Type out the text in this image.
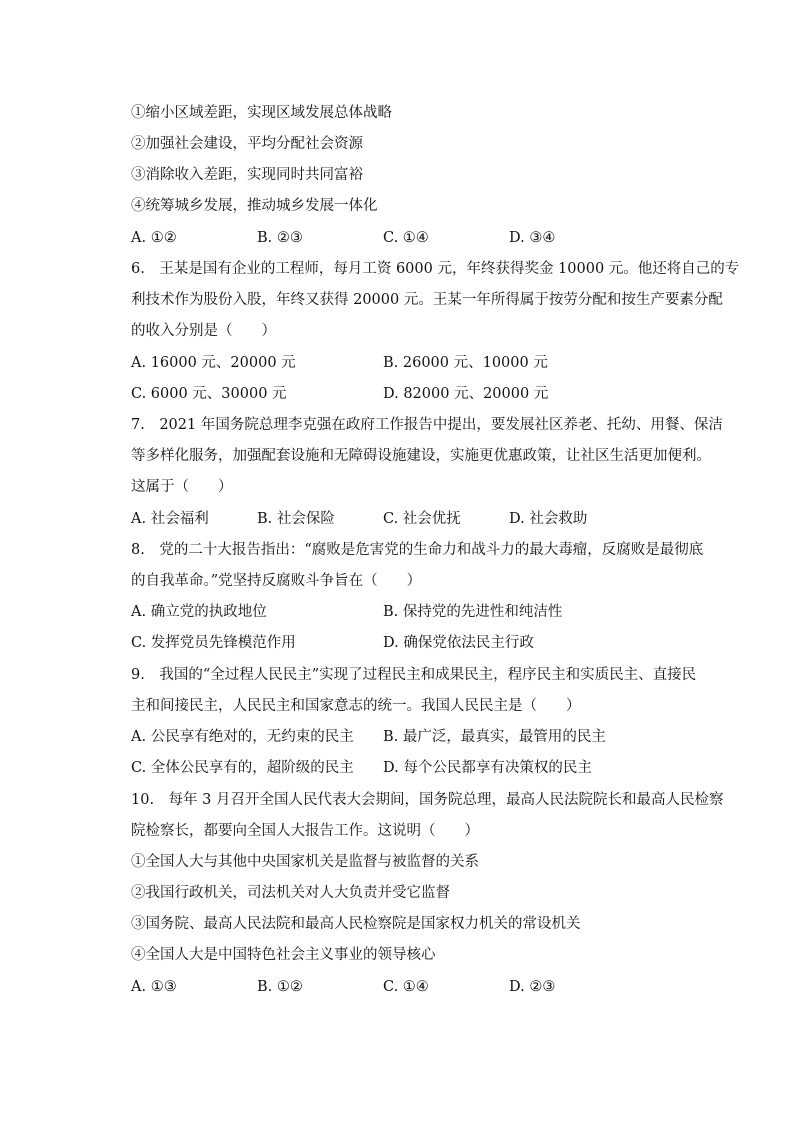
①缩小区域差距，实现区域发展总体战略
②加强社会建设，平均分配社会资源
③消除收入差距，实现同时共同富裕
④统筹城乡发展，推动城乡发展一体化
A. ①②	B. ②③	C. ①④	D. ③④
6.　王某是国有企业的工程师，每月工资 6000 元，年终获得奖金 10000 元。他还将自己的专
利技术作为股份入股，年终又获得 20000 元。王某一年所得属于按劳分配和按生产要素分配
的收入分别是（　　）
A. 16000 元、20000 元	B. 26000 元、10000 元
C. 6000 元、30000 元	D. 82000 元、20000 元
7.　2021 年国务院总理李克强在政府工作报告中提出，要发展社区养老、托幼、用餐、保洁
等多样化服务，加强配套设施和无障碍设施建设，实施更优惠政策，让社区生活更加便利。
这属于（　　）
A. 社会福利	B. 社会保险	C. 社会优抚	D. 社会救助
8.　党的二十大报告指出：“腐败是危害党的生命力和战斗力的最大毒瘤，反腐败是最彻底
的自我革命。”党坚持反腐败斗争旨在（　　）
A. 确立党的执政地位	B. 保持党的先进性和纯洁性
C. 发挥党员先锋模范作用	D. 确保党依法民主行政
9.　我国的“全过程人民民主”实现了过程民主和成果民主，程序民主和实质民主、直接民
主和间接民主，人民民主和国家意志的统一。我国人民民主是（　　）
A. 公民享有绝对的，无约束的民主 B. 最广泛，最真实，最管用的民主
C. 全体公民享有的，超阶级的民主 D. 每个公民都享有决策权的民主
10.　每年 3 月召开全国人民代表大会期间，国务院总理，最高人民法院院长和最高人民检察
院检察长，都要向全国人大报告工作。这说明（　　）
①全国人大与其他中央国家机关是监督与被监督的关系
②我国行政机关，司法机关对人大负责并受它监督
③国务院、最高人民法院和最高人民检察院是国家权力机关的常设机关
④全国人大是中国特色社会主义事业的领导核心
A. ①③	B. ①②	C. ①④	D. ②③
